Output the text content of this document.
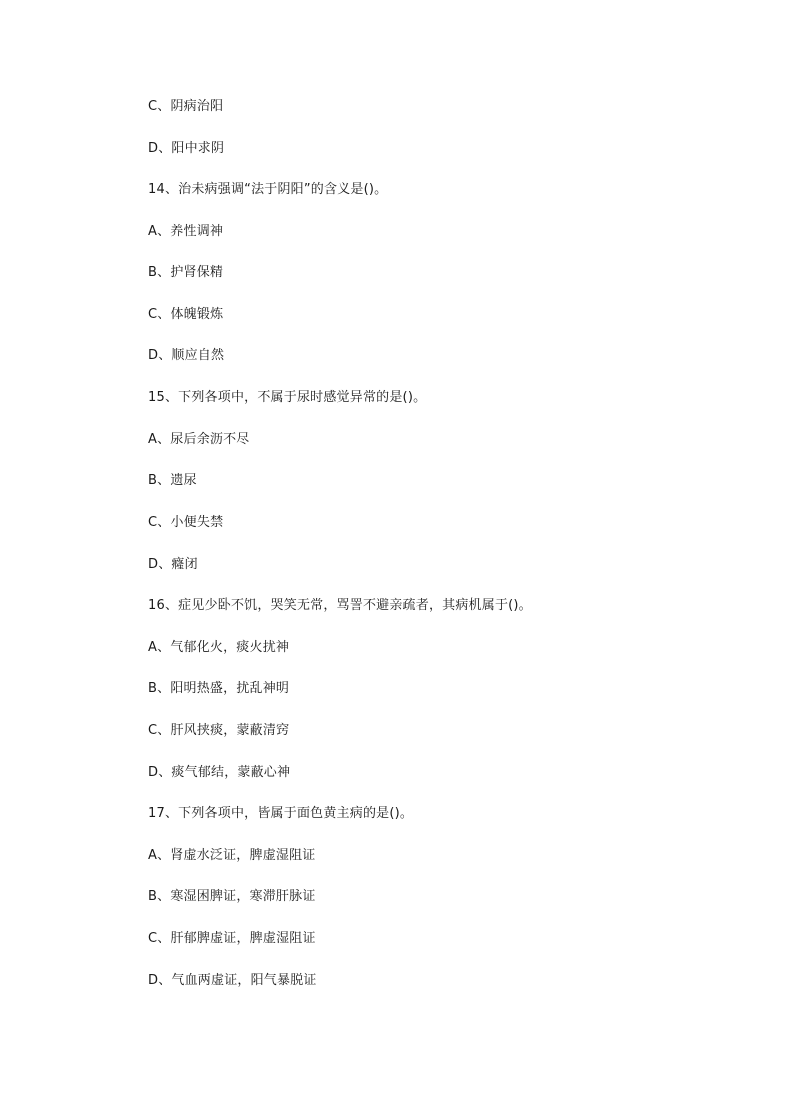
C、阴病治阳
D、阳中求阴
14、治未病强调“法于阴阳”的含义是()。
A、养性调神
B、护肾保精
C、体魄锻炼
D、顺应自然
15、下列各项中，不属于尿时感觉异常的是()。
A、尿后余沥不尽
B、遗尿
C、小便失禁
D、癃闭
16、症见少卧不饥，哭笑无常，骂詈不避亲疏者，其病机属于()。
A、气郁化火，痰火扰神
B、阳明热盛，扰乱神明
C、肝风挟痰，蒙蔽清窍
D、痰气郁结，蒙蔽心神
17、下列各项中，皆属于面色黄主病的是()。
A、肾虚水泛证，脾虚湿阻证
B、寒湿困脾证，寒滞肝脉证
C、肝郁脾虚证，脾虚湿阻证
D、气血两虚证，阳气暴脱证
